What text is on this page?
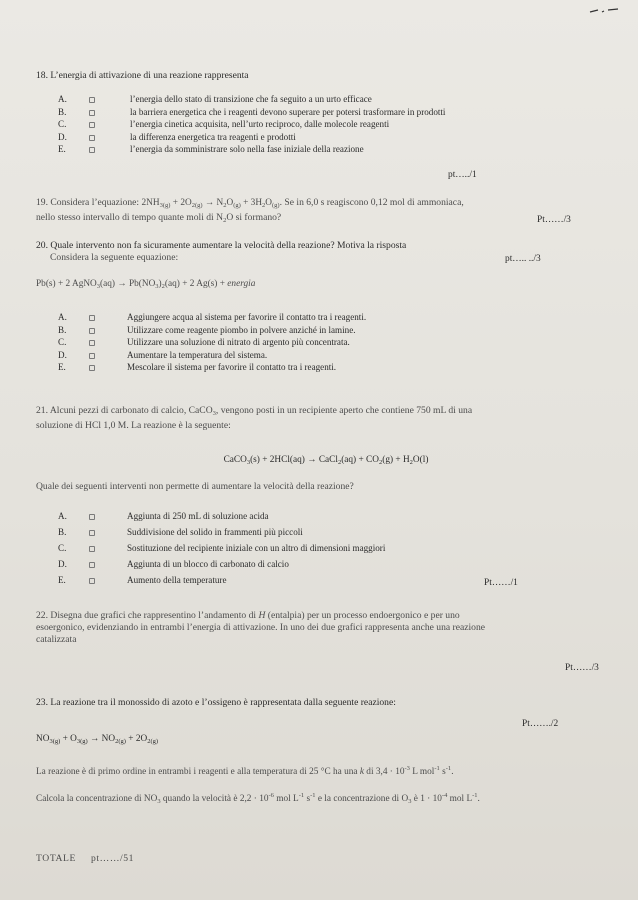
18. L’energia di attivazione di una reazione rappresenta

A.	l’energia dello stato di transizione che fa seguito a un urto efficace
B.	la barriera energetica che i reagenti devono superare per potersi trasformare in prodotti
C.	l’energia cinetica acquisita, nell’urto reciproco, dalle molecole reagenti
D.	la differenza energetica tra reagenti e prodotti
E.	l’energia da somministrare solo nella fase iniziale della reazione
pt…../1

19. Considera l’equazione: $2NH_{3(g)} + 2O_{2(g)} \to N_2O_{(g)} + 3H_2O_{(g)}$. Se in 6,0 s reagiscono 0,12 mol di ammoniaca,

nello stesso intervallo di tempo quante moli di $N_2O$ si formano?	Pt……/3

20. Quale intervento non fa sicuramente aumentare la velocità della reazione? Motiva la risposta

Considera la seguente equazione:	pt….. ../3

Pb(s) + 2 AgNO$_3$(aq) → $Pb(NO_3)_2(aq) + 2$ Ag(s) + energia

A.	Aggiungere acqua al sistema per favorire il contatto tra i reagenti.
B.	Utilizzare come reagente piombo in polvere anziché in lamine.
C.	Utilizzare una soluzione di nitrato di argento più concentrata.
D.	Aumentare la temperatura del sistema.
E.	Mescolare il sistema per favorire il contatto tra i reagenti.

21. Alcuni pezzi di carbonato di calcio, CaCO$_3$, vengono posti in un recipiente aperto che contiene 750 mL di una

soluzione di HCl 1,0 M. La reazione è la seguente:

CaCO$_3$(s) + 2HCl(aq) → CaCl$_2$(aq) + $CO_2(g) + H_2O(l)$

Quale dei seguenti interventi non permette di aumentare la velocità della reazione?

A.	Aggiunta di 250 mL di soluzione acida
B.	Suddivisione del solido in frammenti più piccoli
C.	Sostituzione del recipiente iniziale con un altro di dimensioni maggiori
D.	Aggiunta di un blocco di carbonato di calcio
E.	Aumento della temperature	Pt……/1

22. Disegna due grafici che rappresentino l’andamento di H (entalpia) per un processo endoergonico e per uno

esoergonico, evidenziando in entrambi l’energia di attivazione. In uno dei due grafici rappresenta anche una reazione

catalizzata

Pt……/3

23. La reazione tra il monossido di azoto e l’ossigeno è rappresentata dalla seguente reazione:

Pt……./2

$NO_{3(g)} + O_{3(g)} \to NO_{2(g)} + 2O_{2(g)}$

La reazione è di primo ordine in entrambi i reagenti e alla temperatura di 25 °C ha una k di $3,4 \cdot 10^{-3}$ L mol$^{-1}$ $s^{-1}$.

Calcola la concentrazione di $NO_3$ quando la velocità è $2,2 \cdot 10^{-6}$ mol $L^{-1}$ $s^{-1}$ e la concentrazione di $O_3$ è $1 \cdot 10^{-4}$ mol $L^{-1}$.

TOTALE pt……/51
